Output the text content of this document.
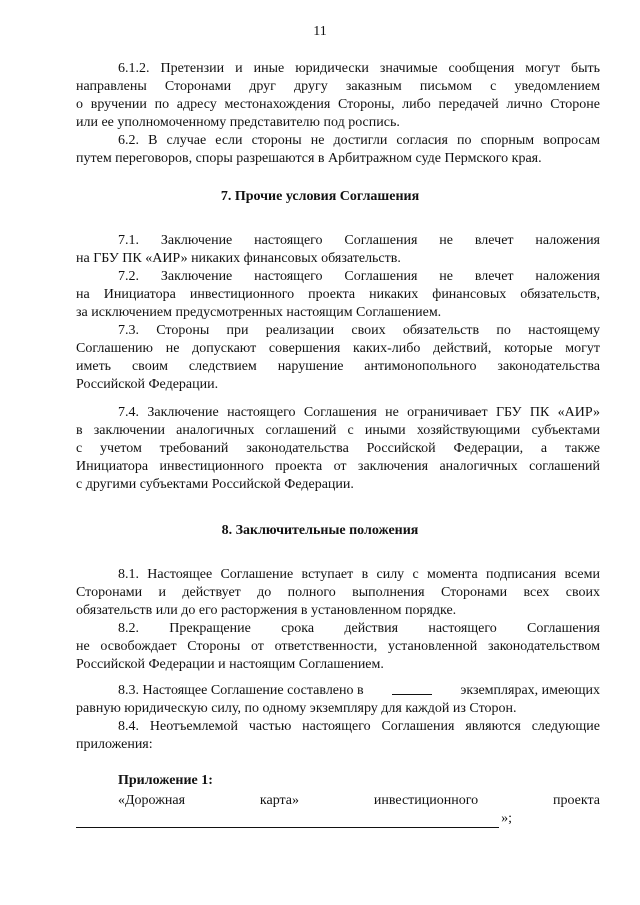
11
6.1.2. Претензии и иные юридически значимые сообщения могут быть
направлены Сторонами друг другу заказным письмом с уведомлением
о вручении по адресу местонахождения Стороны, либо передачей лично Стороне
или ее уполномоченному представителю под роспись.
6.2. В случае если стороны не достигли согласия по спорным вопросам
путем переговоров, споры разрешаются в Арбитражном суде Пермского края.
7. Прочие условия Соглашения
7.1. Заключение настоящего Соглашения не влечет наложения
на ГБУ ПК «АИР» никаких финансовых обязательств.
7.2. Заключение настоящего Соглашения не влечет наложения
на Инициатора инвестиционного проекта никаких финансовых обязательств,
за исключением предусмотренных настоящим Соглашением.
7.3. Стороны при реализации своих обязательств по настоящему
Соглашению не допускают совершения каких-либо действий, которые могут
иметь своим следствием нарушение антимонопольного законодательства
Российской Федерации.
7.4. Заключение настоящего Соглашения не ограничивает ГБУ ПК «АИР»
в заключении аналогичных соглашений с иными хозяйствующими субъектами
с учетом требований законодательства Российской Федерации, а также
Инициатора инвестиционного проекта от заключения аналогичных соглашений
с другими субъектами Российской Федерации.
8. Заключительные положения
8.1. Настоящее Соглашение вступает в силу с момента подписания всеми
Сторонами и действует до полного выполнения Сторонами всех своих
обязательств или до его расторжения в установленном порядке.
8.2. Прекращение срока действия настоящего Соглашения
не освобождает Стороны от ответственности, установленной законодательством
Российской Федерации и настоящим Соглашением.
8.3. Настоящее Соглашение составлено в	экземплярах, имеющих
равную юридическую силу, по одному экземпляру для каждой из Сторон.
8.4. Неотъемлемой частью настоящего Соглашения являются следующие
приложения:
Приложение 1:
«Дорожная карта» инвестиционного проекта
»;
